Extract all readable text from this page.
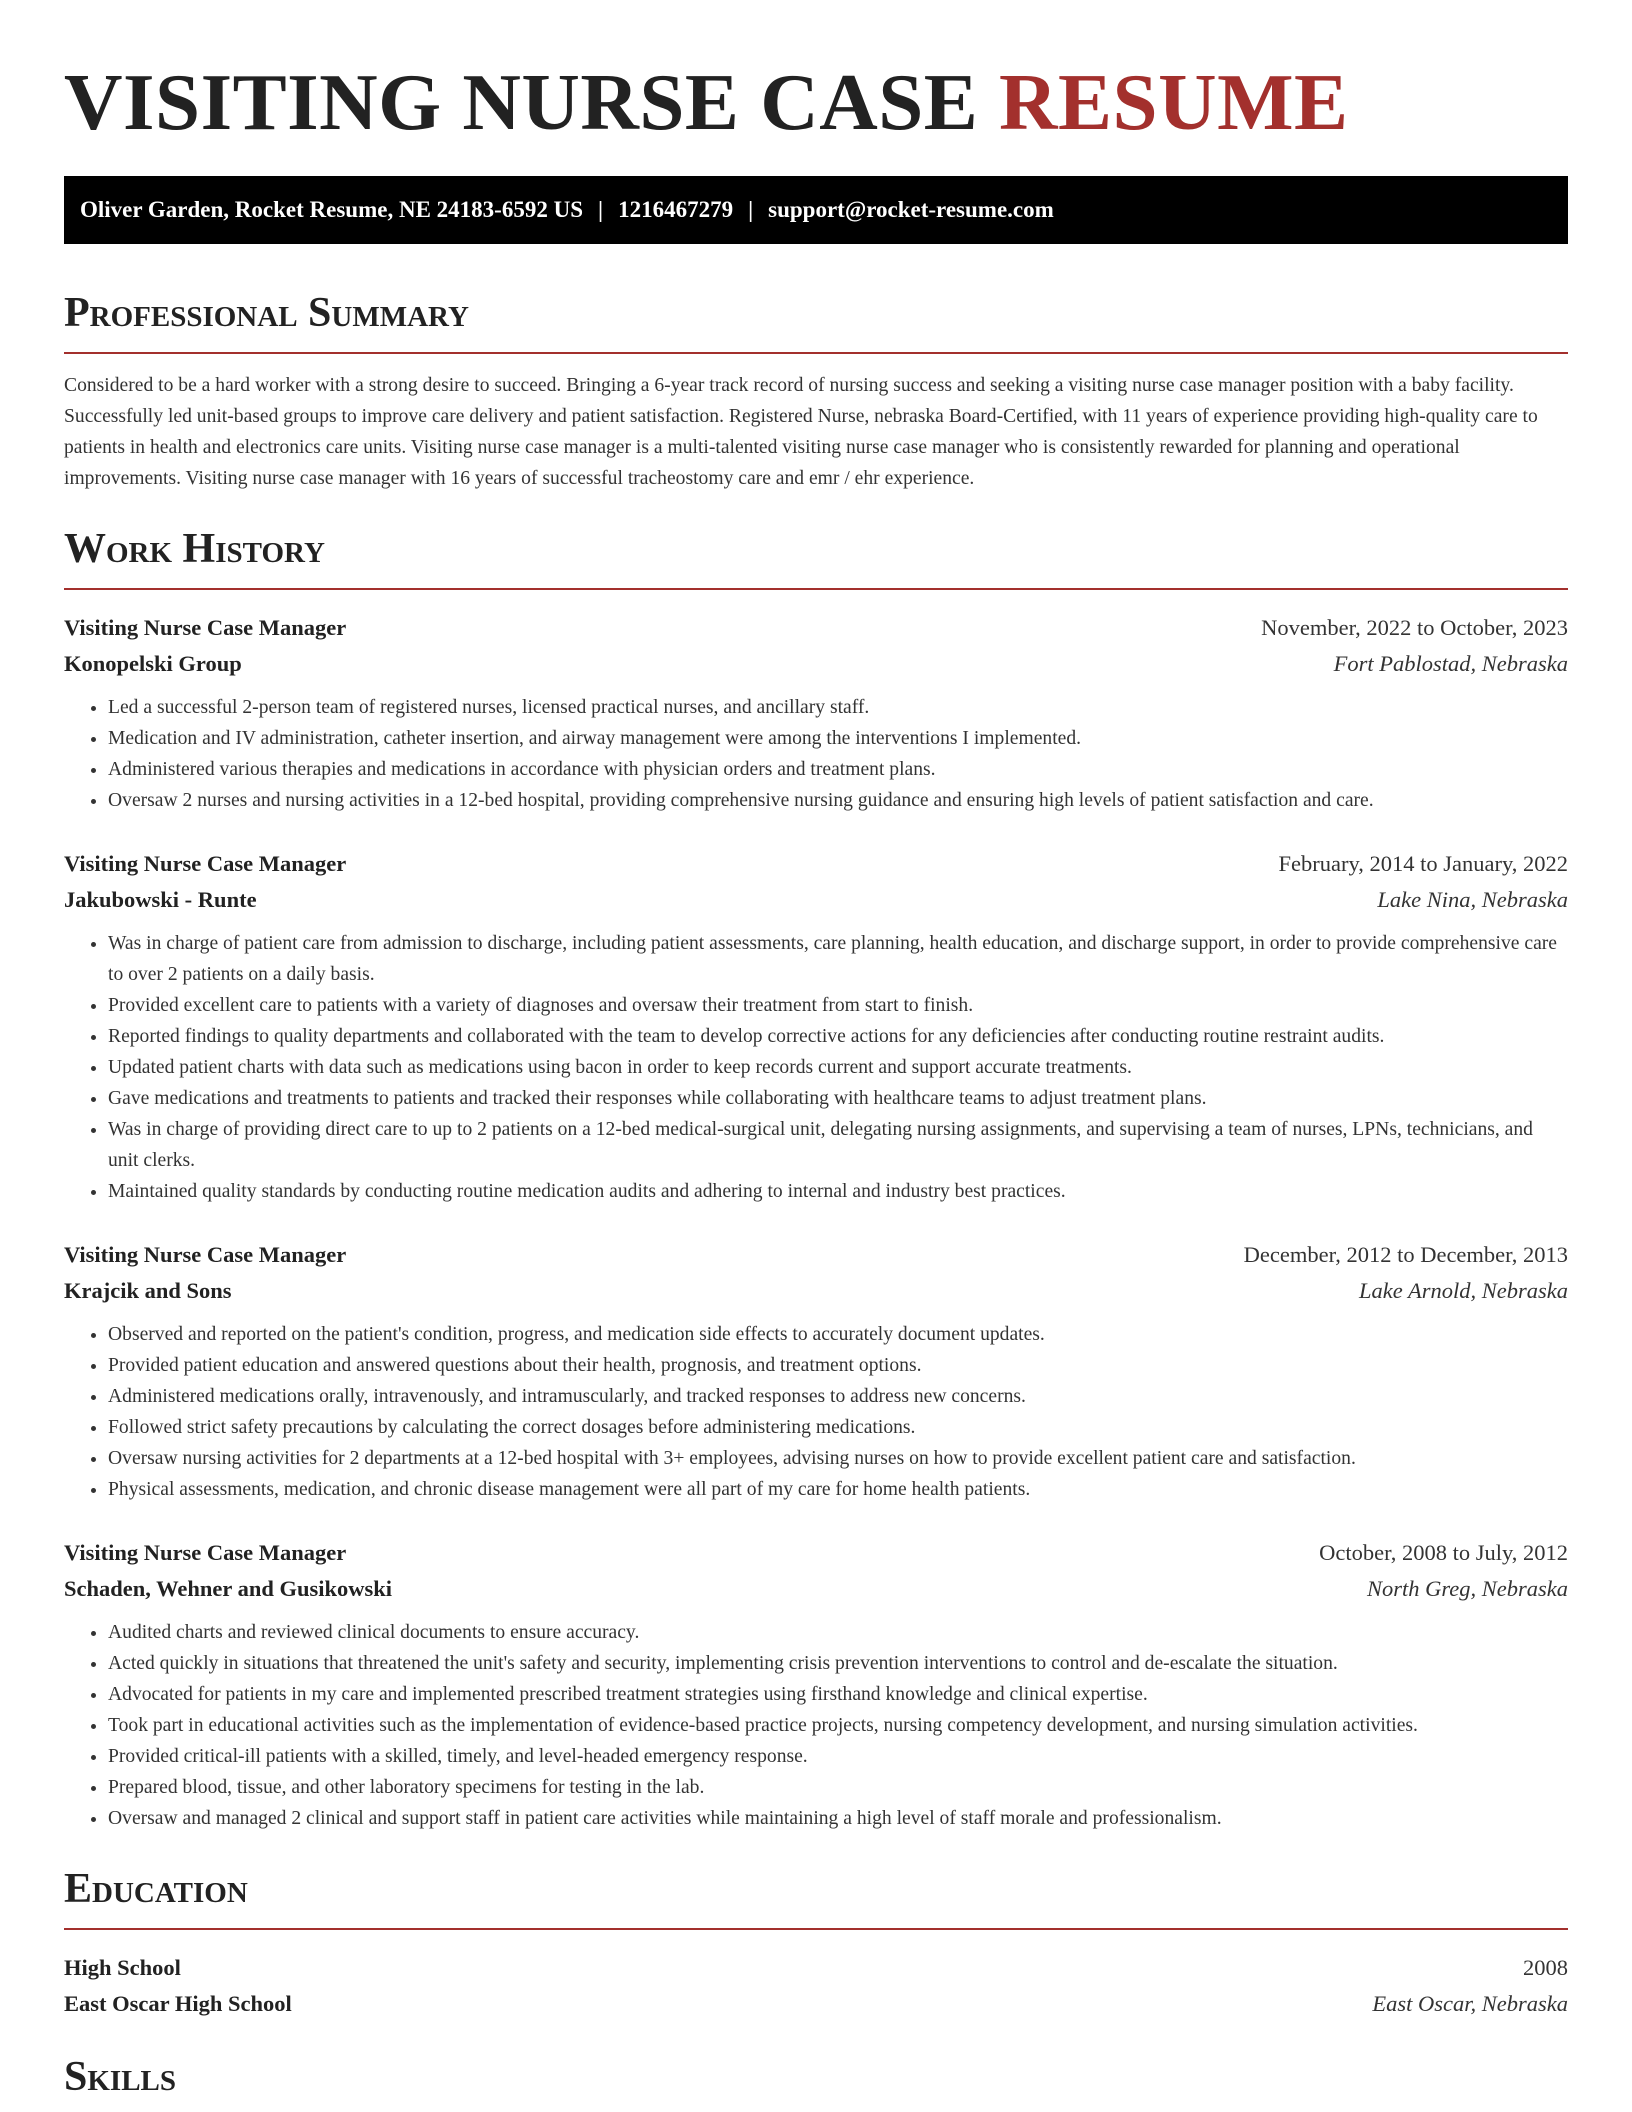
VISITING NURSE CASE RESUME
Oliver Garden, Rocket Resume, NE 24183-6592 US | 1216467279 | support@rocket-resume.com
Professional Summary

Considered to be a hard worker with a strong desire to succeed. Bringing a 6-year track record of nursing success and seeking a visiting nurse case manager position with a baby facility. Successfully led unit-based groups to improve care delivery and patient satisfaction. Registered Nurse, nebraska Board-Certified, with 11 years of experience providing high-quality care to patients in health and electronics care units. Visiting nurse case manager is a multi-talented visiting nurse case manager who is consistently rewarded for planning and operational improvements. Visiting nurse case manager with 16 years of successful tracheostomy care and emr / ehr experience.

Work History
Visiting Nurse Case Manager	November, 2022 to October, 2023
Konopelski Group	Fort Pablostad, Nebraska
• Led a successful 2-person team of registered nurses, licensed practical nurses, and ancillary staff.
• Medication and IV administration, catheter insertion, and airway management were among the interventions I implemented.
• Administered various therapies and medications in accordance with physician orders and treatment plans.
• Oversaw 2 nurses and nursing activities in a 12-bed hospital, providing comprehensive nursing guidance and ensuring high levels of patient satisfaction and care.
Visiting Nurse Case Manager	February, 2014 to January, 2022
Jakubowski - Runte	Lake Nina, Nebraska
• Was in charge of patient care from admission to discharge, including patient assessments, care planning, health education, and discharge support, in order to provide comprehensive care to over 2 patients on a daily basis.
• Provided excellent care to patients with a variety of diagnoses and oversaw their treatment from start to finish.
• Reported findings to quality departments and collaborated with the team to develop corrective actions for any deficiencies after conducting routine restraint audits.
• Updated patient charts with data such as medications using bacon in order to keep records current and support accurate treatments.
• Gave medications and treatments to patients and tracked their responses while collaborating with healthcare teams to adjust treatment plans.
• Was in charge of providing direct care to up to 2 patients on a 12-bed medical-surgical unit, delegating nursing assignments, and supervising a team of nurses, LPNs, technicians, and unit clerks.
• Maintained quality standards by conducting routine medication audits and adhering to internal and industry best practices.
Visiting Nurse Case Manager	December, 2012 to December, 2013
Krajcik and Sons	Lake Arnold, Nebraska
• Observed and reported on the patient's condition, progress, and medication side effects to accurately document updates.
• Provided patient education and answered questions about their health, prognosis, and treatment options.
• Administered medications orally, intravenously, and intramuscularly, and tracked responses to address new concerns.
• Followed strict safety precautions by calculating the correct dosages before administering medications.
• Oversaw nursing activities for 2 departments at a 12-bed hospital with 3+ employees, advising nurses on how to provide excellent patient care and satisfaction.
• Physical assessments, medication, and chronic disease management were all part of my care for home health patients.
Visiting Nurse Case Manager	October, 2008 to July, 2012
Schaden, Wehner and Gusikowski	North Greg, Nebraska
• Audited charts and reviewed clinical documents to ensure accuracy.
• Acted quickly in situations that threatened the unit's safety and security, implementing crisis prevention interventions to control and de-escalate the situation.
• Advocated for patients in my care and implemented prescribed treatment strategies using firsthand knowledge and clinical expertise.
• Took part in educational activities such as the implementation of evidence-based practice projects, nursing competency development, and nursing simulation activities.
• Provided critical-ill patients with a skilled, timely, and level-headed emergency response.
• Prepared blood, tissue, and other laboratory specimens for testing in the lab.
• Oversaw and managed 2 clinical and support staff in patient care activities while maintaining a high level of staff morale and professionalism.
Education
High School	2008
East Oscar High School	East Oscar, Nebraska
Skills
